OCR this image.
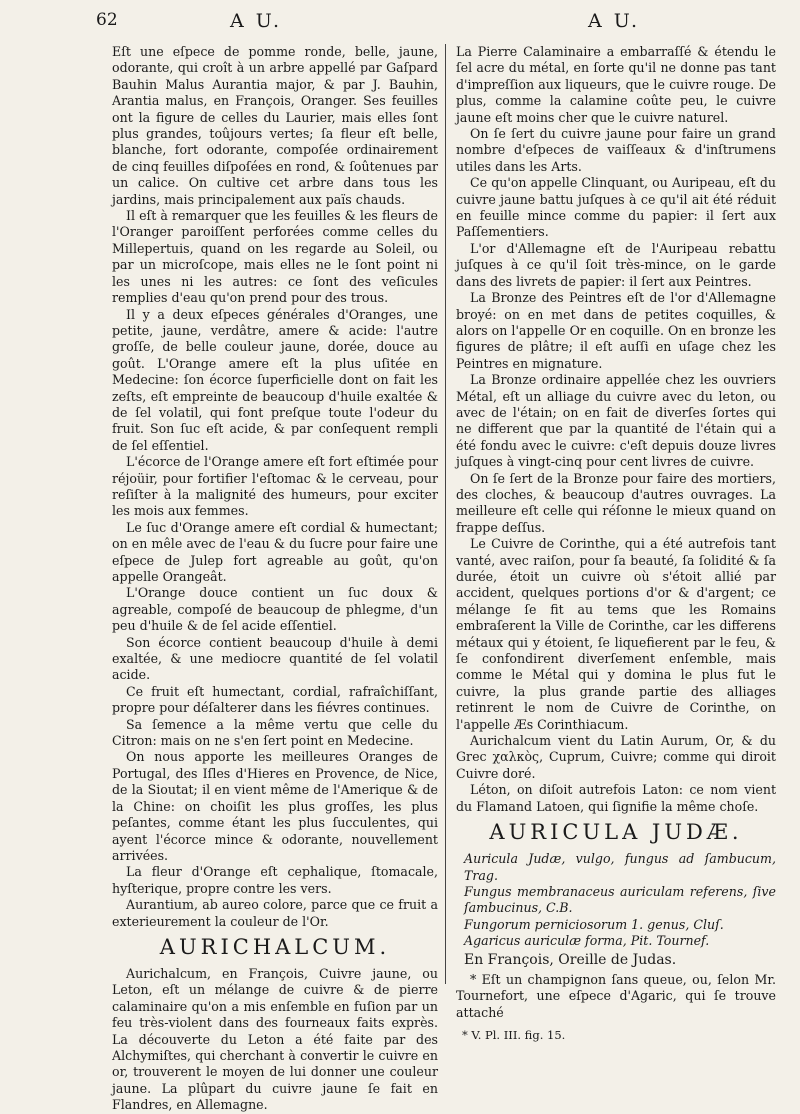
62	A U.	A U.

Eſt une eſpece de pomme ronde, belle, jaune, odorante, qui croît à un arbre appellé par Gaſpard Bauhin Malus Aurantia major, & par J. Bauhin, Arantia malus, en François, Oranger. Ses feuilles ont la figure de celles du Laurier, mais elles ſont plus grandes, toûjours vertes; ſa fleur eſt belle, blanche, fort odorante, compoſée ordinairement de cinq feuilles diſpoſées en rond, & ſoûtenues par un calice. On cultive cet arbre dans tous les jardins, mais principalement aux païs chauds.

Il eſt à remarquer que les feuilles & les fleurs de l'Oranger paroiſſent perforées comme celles du Millepertuis, quand on les regarde au Soleil, ou par un microſcope, mais elles ne le ſont point ni les unes ni les autres: ce ſont des veſicules remplies d'eau qu'on prend pour des trous.

Il y a deux eſpeces générales d'Oranges, une petite, jaune, verdâtre, amere & acide: l'autre groſſe, de belle couleur jaune, dorée, douce au goût. L'Orange amere eſt la plus uſitée en Medecine: ſon écorce ſuperficielle dont on fait les zeſts, eſt empreinte de beaucoup d'huile exaltée & de ſel volatil, qui font preſque toute l'odeur du fruit. Son ſuc eſt acide, & par conſequent rempli de ſel eſſentiel.

L'écorce de l'Orange amere eſt fort eſtimée pour réjoüir, pour fortifier l'eſtomac & le cerveau, pour reſiſter à la malignité des humeurs, pour exciter les mois aux femmes.

Le ſuc d'Orange amere eſt cordial & humectant; on en mêle avec de l'eau & du ſucre pour faire une eſpece de Julep fort agreable au goût, qu'on appelle Orangeât.

L'Orange douce contient un ſuc doux & agreable, compoſé de beaucoup de phlegme, d'un peu d'huile & de ſel acide eſſentiel.

Son écorce contient beaucoup d'huile à demi exaltée, & une mediocre quantité de ſel volatil acide.

Ce fruit eſt humectant, cordial, rafraîchiſſant, propre pour déſalterer dans les fiévres continues.

Sa ſemence a la même vertu que celle du Citron: mais on ne s'en ſert point en Medecine.

On nous apporte les meilleures Oranges de Portugal, des Iſles d'Hieres en Provence, de Nice, de la Sioutat; il en vient même de l'Amerique & de la Chine: on choiſit les plus groſſes, les plus peſantes, comme étant les plus ſucculentes, qui ayent l'écorce mince & odorante, nouvellement arrivées.

La fleur d'Orange eſt cephalique, ſtomacale, hyſterique, propre contre les vers.

Aurantium, ab aureo colore, parce que ce fruit a exterieurement la couleur de l'Or.

AURICHALCUM.

Aurichalcum, en François, Cuivre jaune, ou Leton, eſt un mélange de cuivre & de pierre calaminaire qu'on a mis enſemble en fuſion par un feu très-violent dans des fourneaux faits exprès. La découverte du Leton a été faite par des Alchymiſtes, qui cherchant à convertir le cuivre en or, trouverent le moyen de lui donner une couleur jaune. La plûpart du cuivre jaune ſe fait en Flandres, en Allemagne.

La Pierre Calaminaire a embarraſſé & étendu le ſel acre du métal, en ſorte qu'il ne donne pas tant d'impreſſion aux liqueurs, que le cuivre rouge. De plus, comme la calamine coûte peu, le cuivre jaune eſt moins cher que le cuivre naturel.

On ſe ſert du cuivre jaune pour faire un grand nombre d'eſpeces de vaiſſeaux & d'inſtrumens utiles dans les Arts.

Ce qu'on appelle Clinquant, ou Auripeau, eſt du cuivre jaune battu juſques à ce qu'il ait été réduit en feuille mince comme du papier: il ſert aux Paſſementiers.

L'or d'Allemagne eſt de l'Auripeau rebattu juſques à ce qu'il ſoit très-mince, on le garde dans des livrets de papier: il ſert aux Peintres.

La Bronze des Peintres eſt de l'or d'Allemagne broyé: on en met dans de petites coquilles, & alors on l'appelle Or en coquille. On en bronze les figures de plâtre; il eſt auſſi en uſage chez les Peintres en mignature.

La Bronze ordinaire appellée chez les ouvriers Métal, eſt un alliage du cuivre avec du leton, ou avec de l'étain; on en fait de diverſes ſortes qui ne different que par la quantité de l'étain qui a été fondu avec le cuivre: c'eſt depuis douze livres juſques à vingt-cinq pour cent livres de cuivre.

On ſe ſert de la Bronze pour faire des mortiers, des cloches, & beaucoup d'autres ouvrages. La meilleure eſt celle qui réſonne le mieux quand on frappe deſſus.

Le Cuivre de Corinthe, qui a été autrefois tant vanté, avec raiſon, pour ſa beauté, ſa ſolidité & ſa durée, étoit un cuivre où s'étoit allié par accident, quelques portions d'or & d'argent; ce mélange ſe fit au tems que les Romains embraſerent la Ville de Corinthe, car les differens métaux qui y étoient, ſe liquefierent par le feu, & ſe confondirent diverſement enſemble, mais comme le Métal qui y domina le plus fut le cuivre, la plus grande partie des alliages retinrent le nom de Cuivre de Corinthe, on l'appelle Æs Corinthiacum.

Aurichalcum vient du Latin Aurum, Or, & du Grec χαλκὸς, Cuprum, Cuivre; comme qui diroit Cuivre doré.

Léton, on diſoit autrefois Laton: ce nom vient du Flamand Latoen, qui ſignifie la même choſe.

AURICULA JUDÆ.

Auricula Judæ, vulgo, fungus ad ſambucum, Trag.

Fungus membranaceus auriculam referens, ſive ſambucinus, C.B.

Fungorum perniciosorum 1. genus, Cluſ.

Agaricus auriculæ forma, Pit. Tournef.

En François, Oreille de Judas.

* Eſt un champignon ſans queue, ou, ſelon Mr. Tournefort, une eſpece d'Agaric, qui ſe trouve attaché

* V. Pl. III. fig. 15.
